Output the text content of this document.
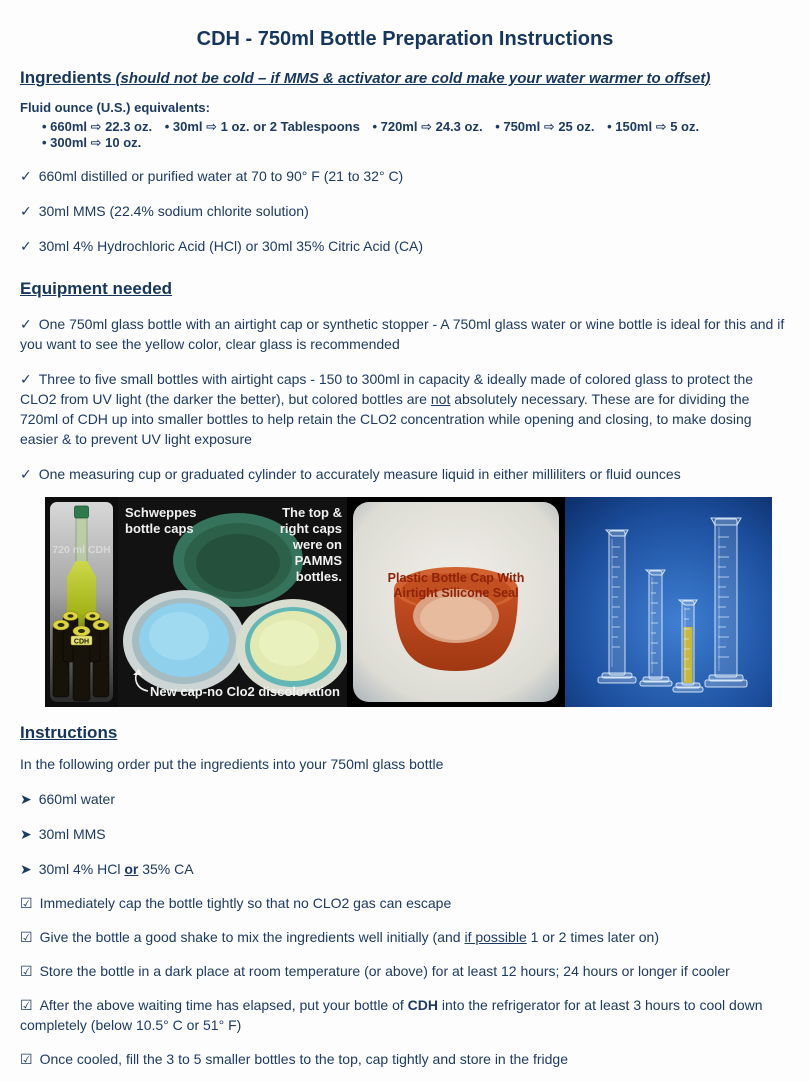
CDH - 750ml Bottle Preparation Instructions
Ingredients (should not be cold – if MMS & activator are cold make your water warmer to offset)
Fluid ounce (U.S.) equivalents:
• 660ml ⇨ 22.3 oz. • 30ml ⇨ 1 oz. or 2 Tablespoons • 720ml ⇨ 24.3 oz. • 750ml ⇨ 25 oz. • 150ml ⇨ 5 oz. • 300ml ⇨ 10 oz.

✓ 660ml distilled or purified water at 70 to 90° F (21 to 32° C)

✓ 30ml MMS (22.4% sodium chlorite solution)

✓ 30ml 4% Hydrochloric Acid (HCl) or 30ml 35% Citric Acid (CA)

Equipment needed

✓ One 750ml glass bottle with an airtight cap or synthetic stopper - A 750ml glass water or wine bottle is ideal for this and if you want to see the yellow color, clear glass is recommended

✓ Three to five small bottles with airtight caps - 150 to 300ml in capacity & ideally made of colored glass to protect the CLO2 from UV light (the darker the better), but colored bottles are not absolutely necessary. These are for dividing the 720ml of CDH up into smaller bottles to help retain the CLO2 concentration while opening and closing, to make dosing easier & to prevent UV light exposure

✓ One measuring cup or graduated cylinder to accurately measure liquid in either milliliters or fluid ounces

CDH
720 ml CDH
Schweppes
bottle caps
The top &
right caps
were on
PAMMS
bottles.
New cap-no Clo2 discoloration
Plastic Bottle Cap With
Airtight Silicone Seal
Instructions

In the following order put the ingredients into your 750ml glass bottle

➤ 660ml water

➤ 30ml MMS

➤ 30ml 4% HCl or 35% CA

☑ Immediately cap the bottle tightly so that no CLO2 gas can escape

☑ Give the bottle a good shake to mix the ingredients well initially (and if possible 1 or 2 times later on)

☑ Store the bottle in a dark place at room temperature (or above) for at least 12 hours; 24 hours or longer if cooler

☑ After the above waiting time has elapsed, put your bottle of CDH into the refrigerator for at least 3 hours to cool down completely (below 10.5° C or 51° F)

☑ Once cooled, fill the 3 to 5 smaller bottles to the top, cap tightly and store in the fridge
